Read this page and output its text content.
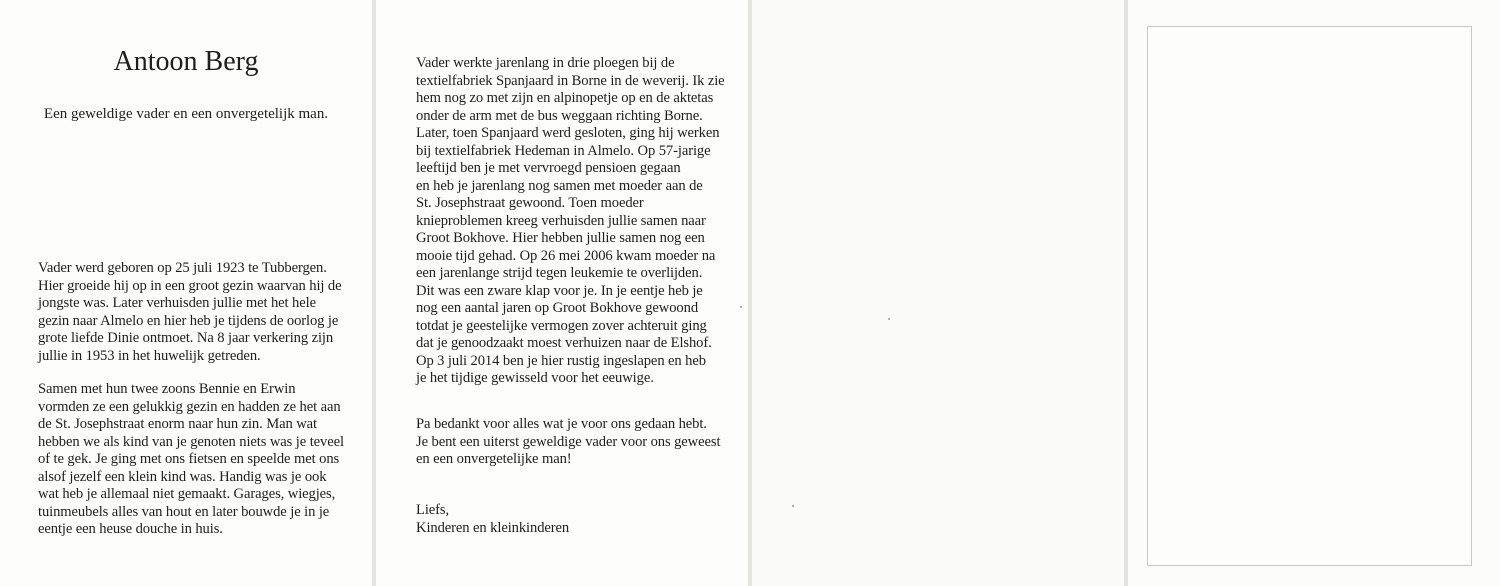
Antoon Berg

Een geweldige vader en een onvergetelijk man.

Vader werd geboren op 25 juli 1923 te Tubbergen.
Hier groeide hij op in een groot gezin waarvan hij de
jongste was. Later verhuisden jullie met het hele
gezin naar Almelo en hier heb je tijdens de oorlog je
grote liefde Dinie ontmoet. Na 8 jaar verkering zijn
jullie in 1953 in het huwelijk getreden.

Samen met hun twee zoons Bennie en Erwin
vormden ze een gelukkig gezin en hadden ze het aan
de St. Josephstraat enorm naar hun zin. Man wat
hebben we als kind van je genoten niets was je teveel
of te gek. Je ging met ons fietsen en speelde met ons
alsof jezelf een klein kind was. Handig was je ook
wat heb je allemaal niet gemaakt. Garages, wiegjes,
tuinmeubels alles van hout en later bouwde je in je
eentje een heuse douche in huis.

Vader werkte jarenlang in drie ploegen bij de
textielfabriek Spanjaard in Borne in de weverij. Ik zie
hem nog zo met zijn en alpinopetje op en de aktetas
onder de arm met de bus weggaan richting Borne.
Later, toen Spanjaard werd gesloten, ging hij werken
bij textielfabriek Hedeman in Almelo. Op 57-jarige
leeftijd ben je met vervroegd pensioen gegaan
en heb je jarenlang nog samen met moeder aan de
St. Josephstraat gewoond. Toen moeder
knieproblemen kreeg verhuisden jullie samen naar
Groot Bokhove. Hier hebben jullie samen nog een
mooie tijd gehad. Op 26 mei 2006 kwam moeder na
een jarenlange strijd tegen leukemie te overlijden.
Dit was een zware klap voor je. In je eentje heb je
nog een aantal jaren op Groot Bokhove gewoond
totdat je geestelijke vermogen zover achteruit ging
dat je genoodzaakt moest verhuizen naar de Elshof.
Op 3 juli 2014 ben je hier rustig ingeslapen en heb
je het tijdige gewisseld voor het eeuwige.

Pa bedankt voor alles wat je voor ons gedaan hebt.
Je bent een uiterst geweldige vader voor ons geweest
en een onvergetelijke man!

Liefs,
Kinderen en kleinkinderen
